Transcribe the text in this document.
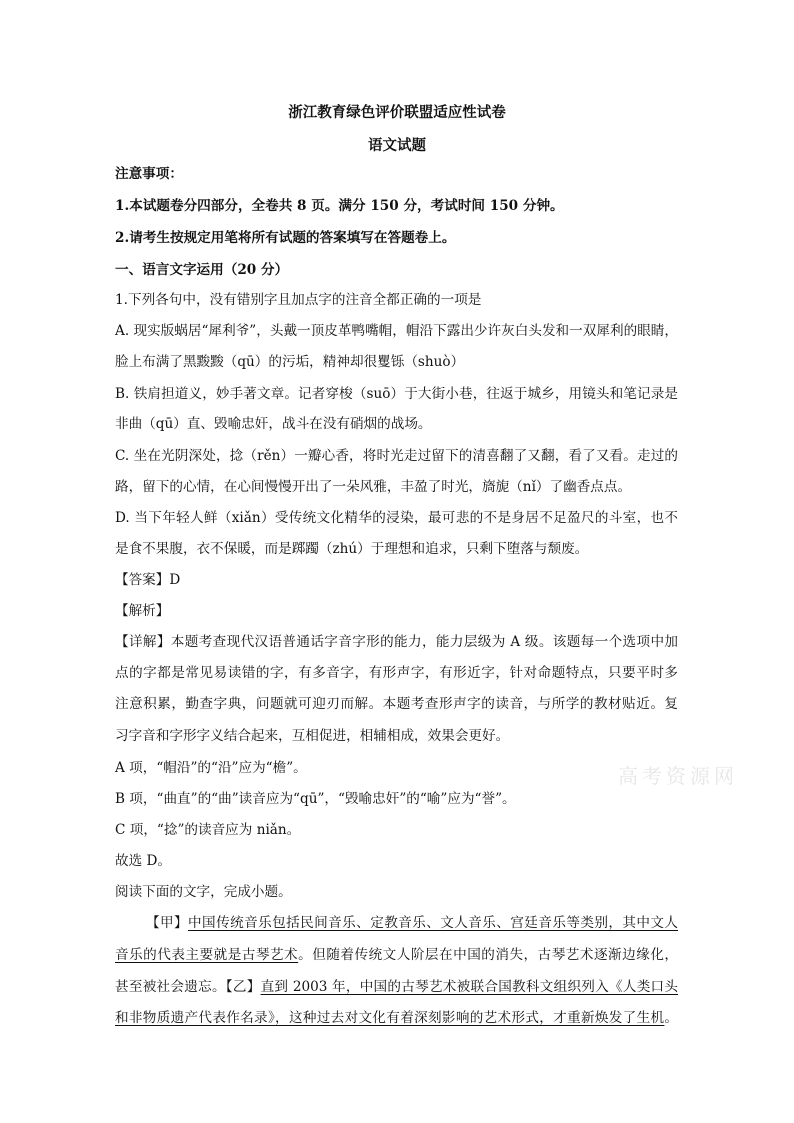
浙江教育绿色评价联盟适应性试卷
语文试题
注意事项：
1.本试题卷分四部分，全卷共 8 页。满分 150 分，考试时间 150 分钟。
2.请考生按规定用笔将所有试题的答案填写在答题卷上。
一、语言文字运用（20 分）
1.下列各句中，没有错别字且加点字的注音全都正确的一项是
A. 现实版蜗居“犀利爷”，头戴一顶皮革鸭嘴帽，帽沿下露出少许灰白头发和一双犀利的眼睛，
脸上布满了黑黢黢（qū）的污垢，精神却很矍铄（shuò）
B. 铁肩担道义，妙手著文章。记者穿梭（suō）于大街小巷，往返于城乡，用镜头和笔记录是
非曲（qū）直、毁喻忠奸，战斗在没有硝烟的战场。
C. 坐在光阴深处，捻（rěn）一瓣心香，将时光走过留下的清喜翻了又翻，看了又看。走过的
路，留下的心情，在心间慢慢开出了一朵风雅，丰盈了时光，旖旎（nǐ）了幽香点点。
D. 当下年轻人鲜（xiǎn）受传统文化精华的浸染，最可悲的不是身居不足盈尺的斗室，也不
是食不果腹，衣不保暖，而是踯躅（zhú）于理想和追求，只剩下堕落与颓废。
【答案】D
【解析】
【详解】本题考查现代汉语普通话字音字形的能力，能力层级为 A 级。该题每一个选项中加
点的字都是常见易读错的字，有多音字，有形声字，有形近字，针对命题特点，只要平时多
注意积累，勤查字典，问题就可迎刃而解。本题考查形声字的读音，与所学的教材贴近。复
习字音和字形字义结合起来，互相促进，相辅相成，效果会更好。
A 项，“帽沿”的“沿”应为“檐”。
B 项，“曲直”的“曲”读音应为“qū”，“毁喻忠奸”的“喻”应为“誉”。
C 项，“捻”的读音应为 niǎn。
故选 D。
阅读下面的文字，完成小题。
【甲】中国传统音乐包括民间音乐、定教音乐、文人音乐、宫廷音乐等类别，其中文人
音乐的代表主要就是古琴艺术。但随着传统文人阶层在中国的消失，古琴艺术逐渐边缘化，
甚至被社会遗忘。【乙】直到 2003 年，中国的古琴艺术被联合国教科文组织列入《人类口头
和非物质遗产代表作名录》，这种过去对文化有着深刻影响的艺术形式，才重新焕发了生机。
高考资源网
